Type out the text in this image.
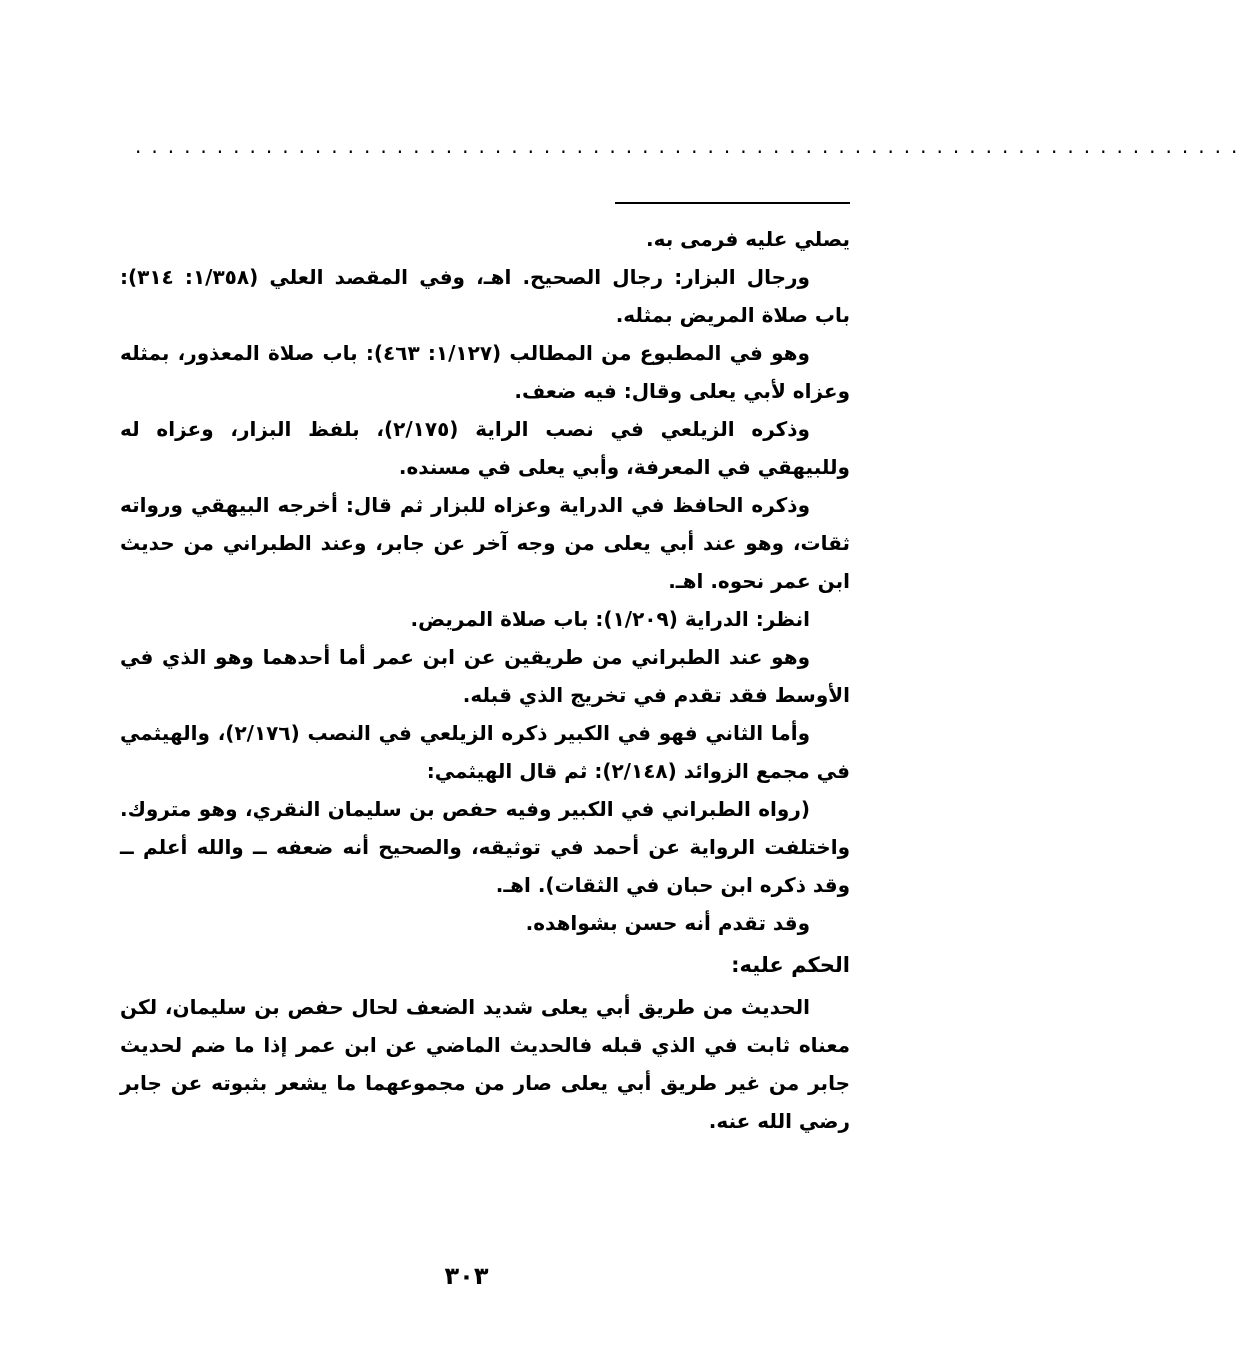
....................................................................

يصلي عليه فرمى به.

ورجال البزار: رجال الصحيح. اهـ، وفي المقصد العلي (١/٣٥٨: ٣١٤): باب صلاة المريض بمثله.

وهو في المطبوع من المطالب (١/١٢٧: ٤٦٣): باب صلاة المعذور، بمثله وعزاه لأبي يعلى وقال: فيه ضعف.

وذكره الزيلعي في نصب الراية (٢/١٧٥)، بلفظ البزار، وعزاه له وللبيهقي في المعرفة، وأبي يعلى في مسنده.

وذكره الحافظ في الدراية وعزاه للبزار ثم قال: أخرجه البيهقي ورواته ثقات، وهو عند أبي يعلى من وجه آخر عن جابر، وعند الطبراني من حديث ابن عمر نحوه. اهـ.

انظر: الدراية (١/٢٠٩): باب صلاة المريض.

وهو عند الطبراني من طريقين عن ابن عمر أما أحدهما وهو الذي في الأوسط فقد تقدم في تخريج الذي قبله.

وأما الثاني فهو في الكبير ذكره الزيلعي في النصب (٢/١٧٦)، والهيثمي في مجمع الزوائد (٢/١٤٨): ثم قال الهيثمي:

(رواه الطبراني في الكبير وفيه حفص بن سليمان النقري، وهو متروك. واختلفت الرواية عن أحمد في توثيقه، والصحيح أنه ضعفه ــ والله أعلم ــ وقد ذكره ابن حبان في الثقات). اهـ.

وقد تقدم أنه حسن بشواهده.

الحكم عليه:

الحديث من طريق أبي يعلى شديد الضعف لحال حفص بن سليمان، لكن معناه ثابت في الذي قبله فالحديث الماضي عن ابن عمر إذا ما ضم لحديث جابر من غير طريق أبي يعلى صار من مجموعهما ما يشعر بثبوته عن جابر رضي الله عنه.

٣٠٣
